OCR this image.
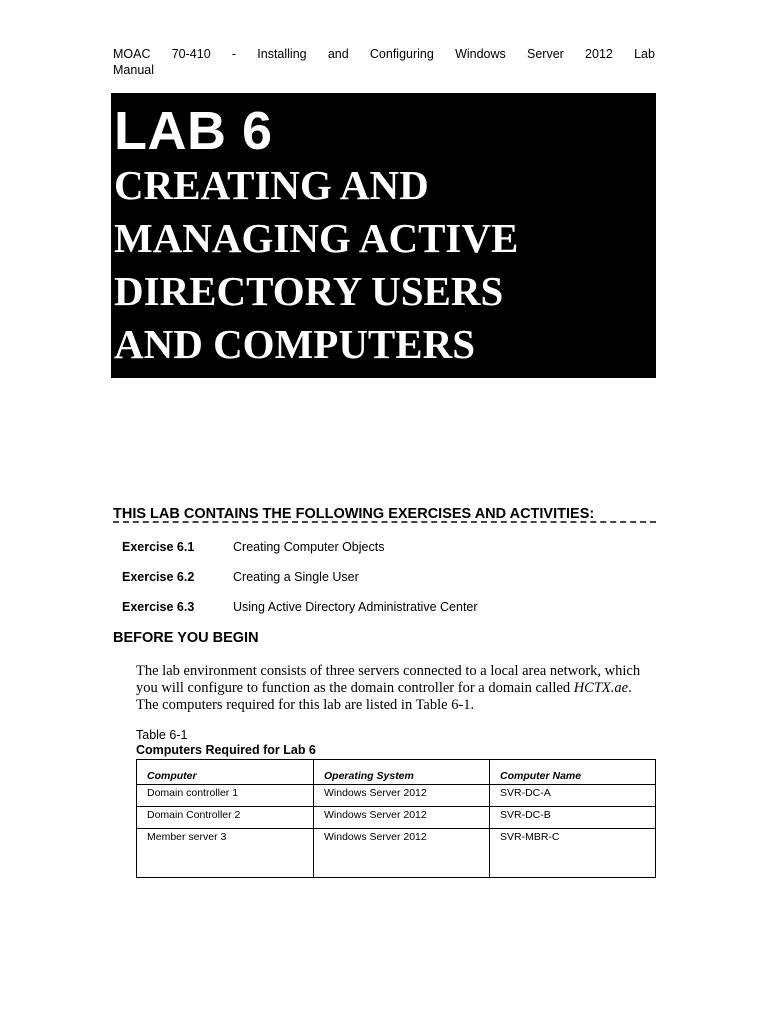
MOAC 70-410 - Installing and Configuring Windows Server 2012 Lab
Manual
LAB 6
CREATING AND
MANAGING ACTIVE
DIRECTORY USERS
AND COMPUTERS
THIS LAB CONTAINS THE FOLLOWING EXERCISES AND ACTIVITIES:
Exercise 6.1	Creating Computer Objects
Exercise 6.2	Creating a Single User
Exercise 6.3	Using Active Directory Administrative Center
BEFORE YOU BEGIN
The lab environment consists of three servers connected to a local area network, which you will configure to function as the domain controller for a domain called HCTX.ae. The computers required for this lab are listed in Table 6-1.
Table 6-1
Computers Required for Lab 6
Computer	Operating System	Computer Name
Domain controller 1	Windows Server 2012	SVR-DC-A
Domain Controller 2	Windows Server 2012	SVR-DC-B
Member server 3	Windows Server 2012	SVR-MBR-C
